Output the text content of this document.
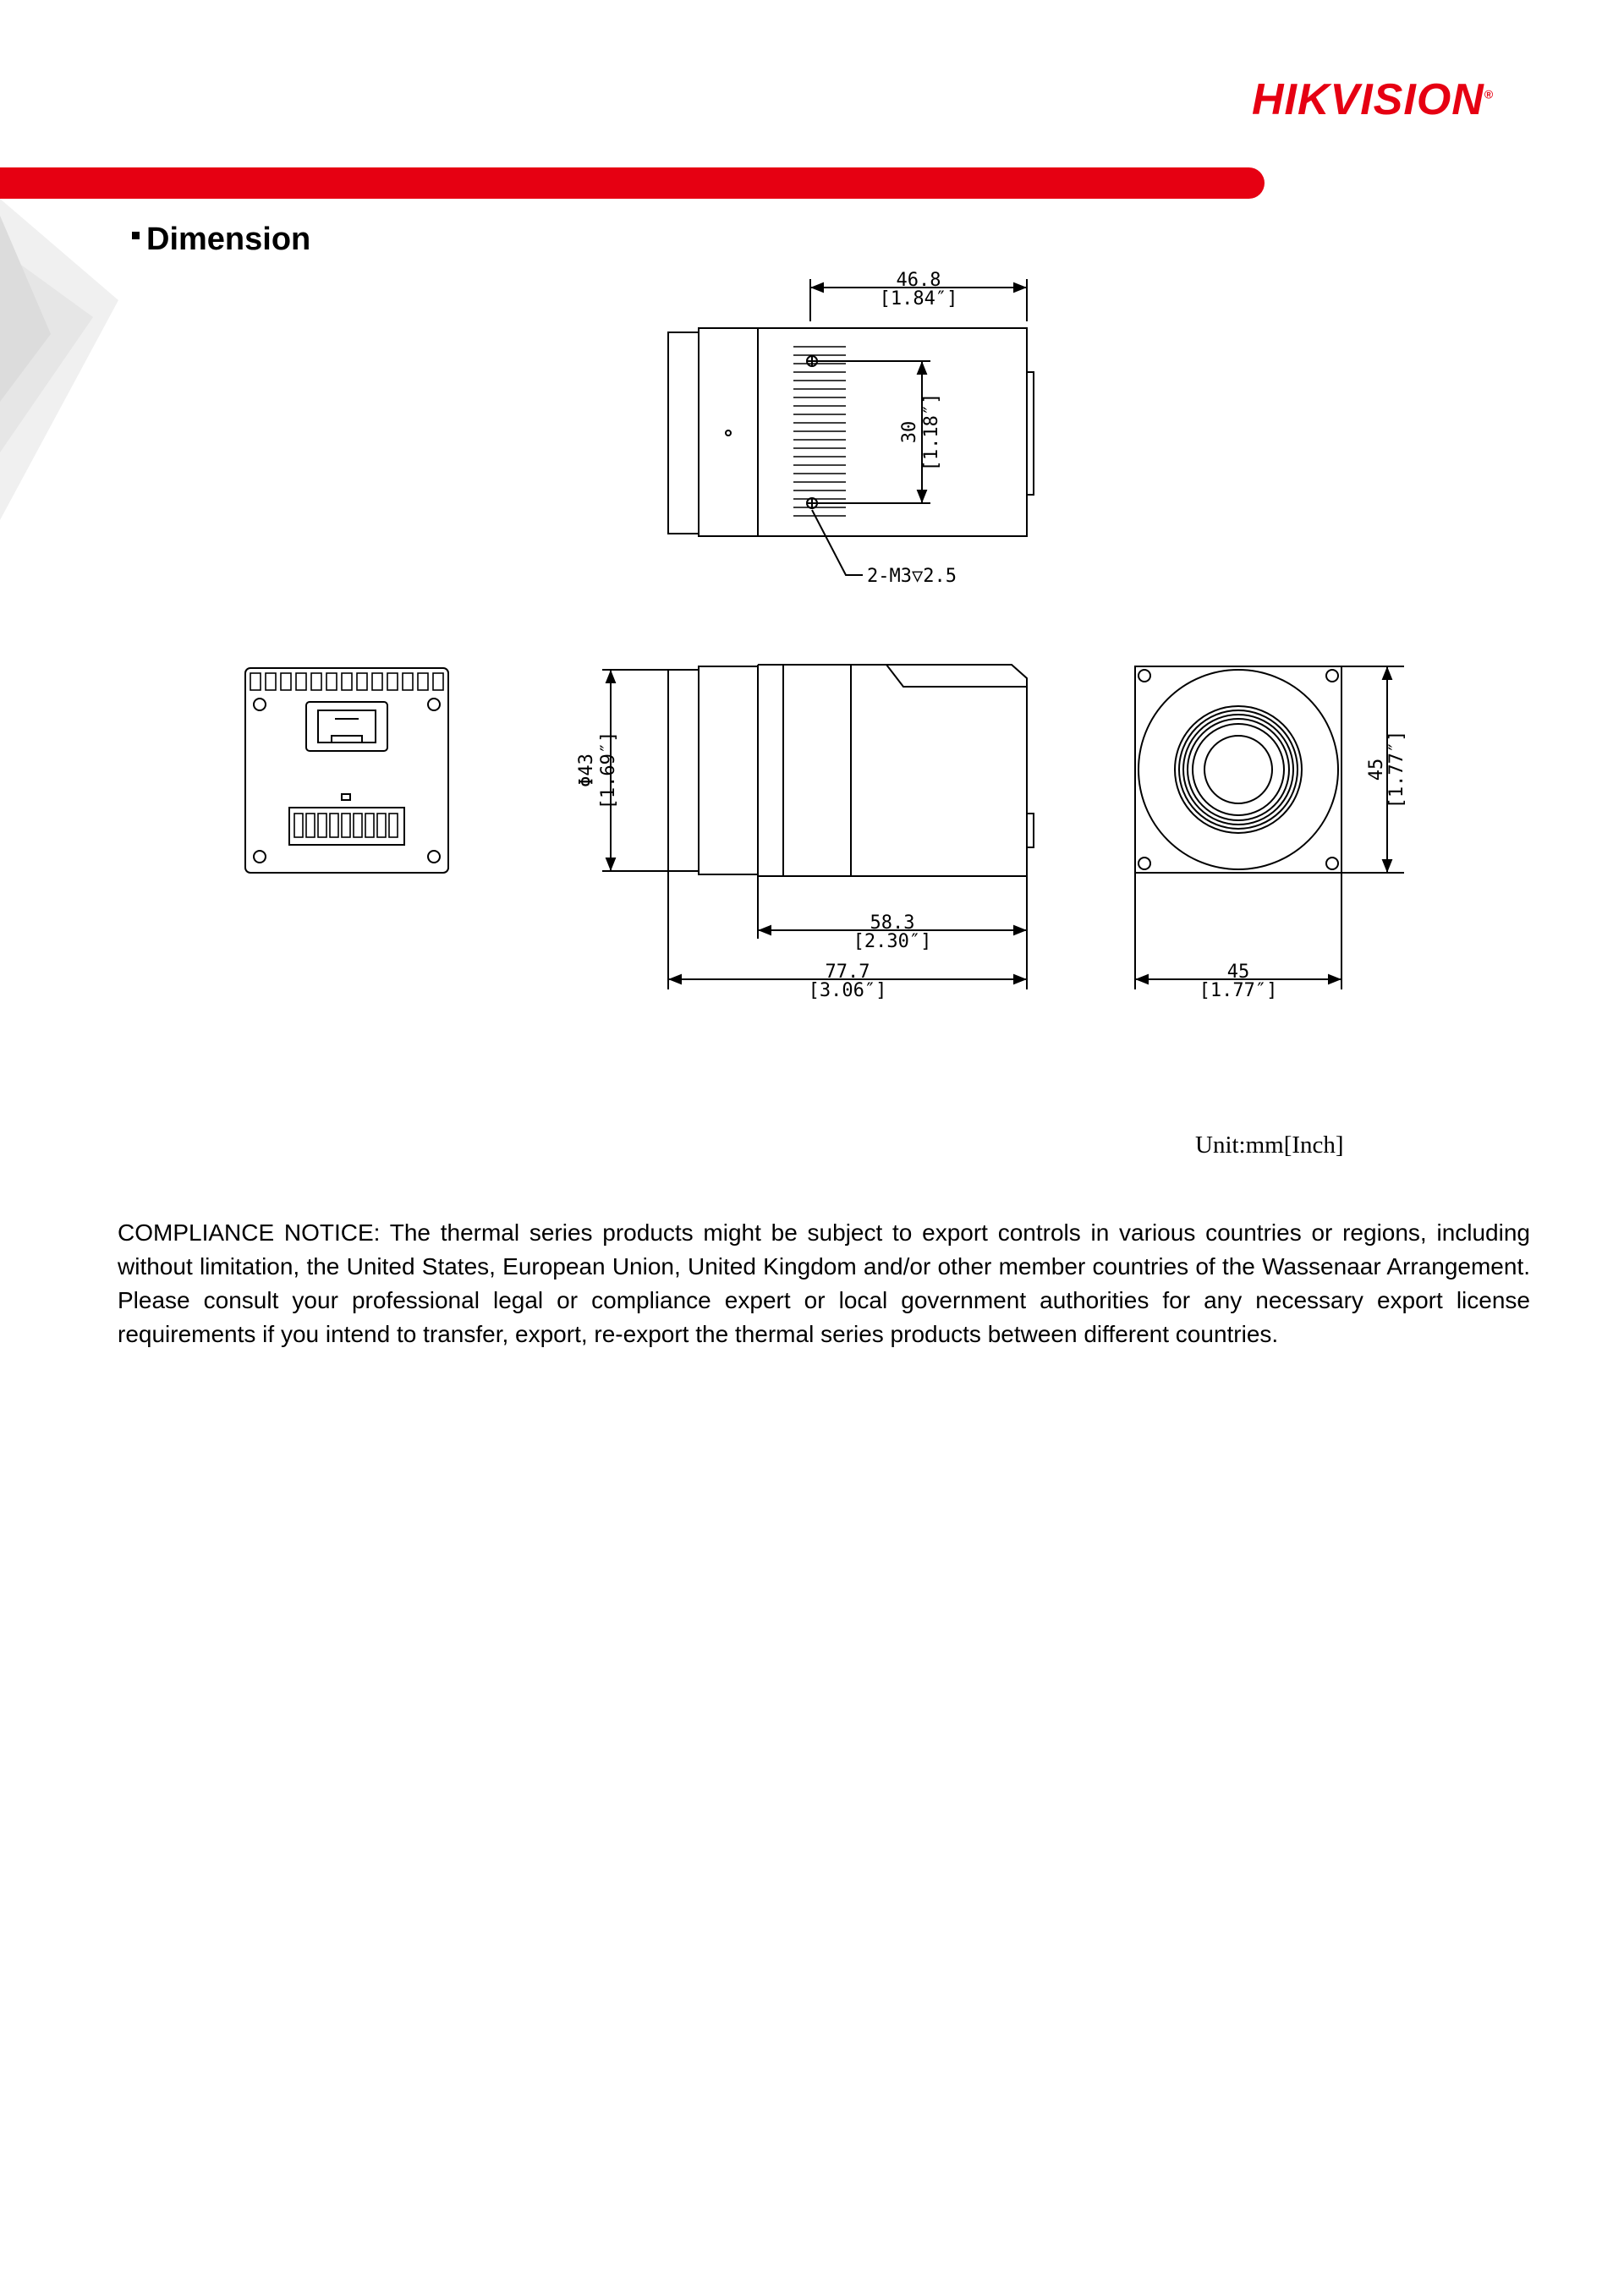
HIKVISION®
Dimension
46.8
[1.84″]
30 [1.18″]
2-M3▽2.5
Φ43 [1.69″]
58.3
[2.30″]
77.7
[3.06″]
45 [1.77″]
45
[1.77″]
Unit:mm[Inch]
COMPLIANCE NOTICE: The thermal series products might be subject to export controls in various countries or regions, including without limitation, the United States, European Union, United Kingdom and/or other member countries of the Wassenaar Arrangement. Please consult your professional legal or compliance expert or local government authorities for any necessary export license requirements if you intend to transfer, export, re-export the thermal series products between different countries.
